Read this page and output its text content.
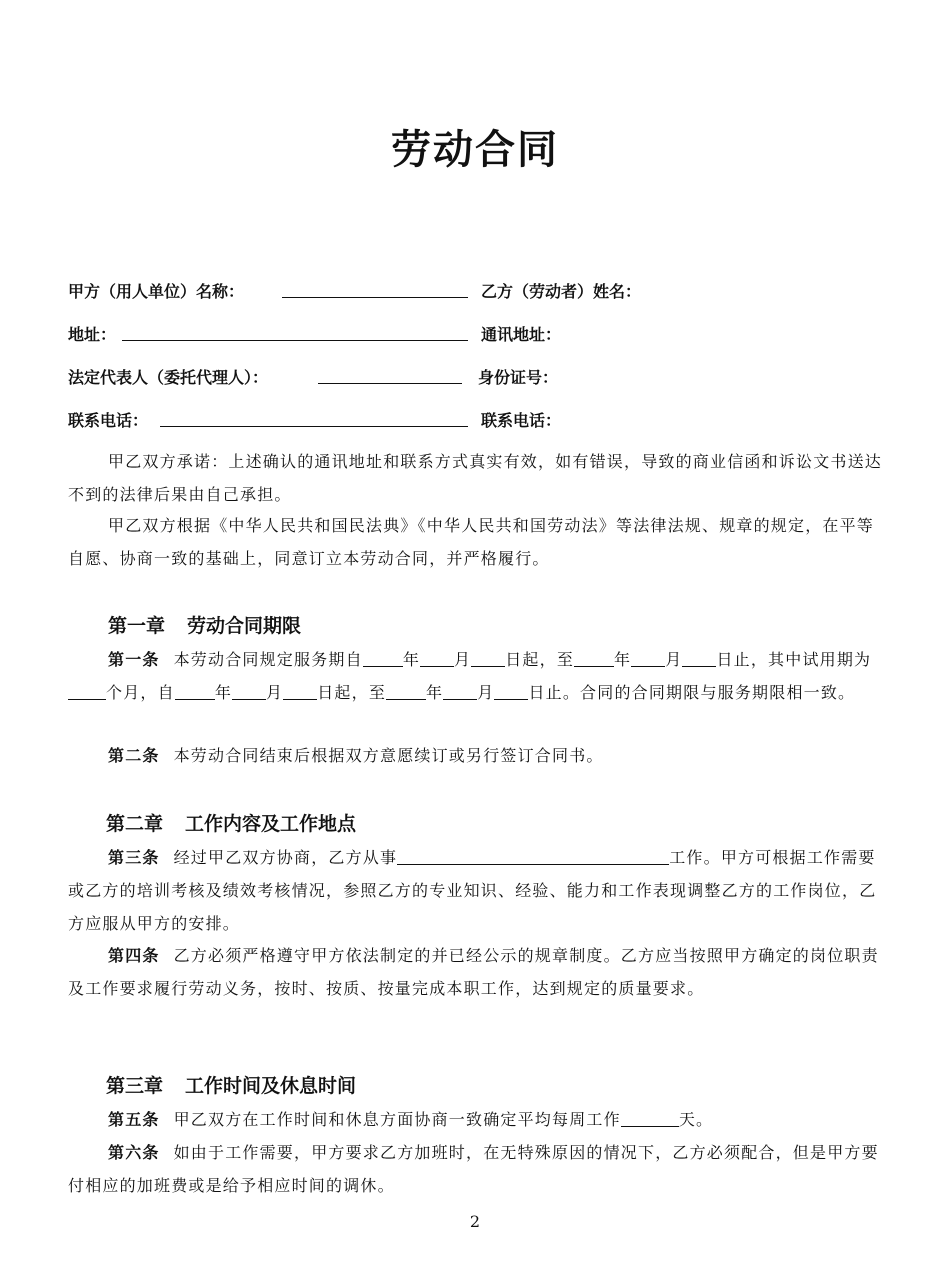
劳动合同
甲方（用人单位）名称：	乙方（劳动者）姓名：
地址：	通讯地址：
法定代表人（委托代理人）：	身份证号：
联系电话：	联系电话：

甲乙双方承诺：上述确认的通讯地址和联系方式真实有效，如有错误，导致的商业信函和诉讼文书送达不到的法律后果由自己承担。

甲乙双方根据《中华人民共和国民法典》《中华人民共和国劳动法》等法律法规、规章的规定，在平等自愿、协商一致的基础上，同意订立本劳动合同，并严格履行。

第一章 劳动合同期限

第一条 本劳动合同规定服务期自	年 月 日起，至	年 月 日止，其中试用期为个月，自	年 月 日起，至	年 月 日止。合同的合同期限与服务期限相一致。

第二条 本劳动合同结束后根据双方意愿续订或另行签订合同书。

第二章 工作内容及工作地点

第三条 经过甲乙双方协商，乙方从事	工作。甲方可根据工作需要或乙方的培训考核及绩效考核情况，参照乙方的专业知识、经验、能力和工作表现调整乙方的工作岗位，乙方应服从甲方的安排。

第四条 乙方必须严格遵守甲方依法制定的并已经公示的规章制度。乙方应当按照甲方确定的岗位职责及工作要求履行劳动义务，按时、按质、按量完成本职工作，达到规定的质量要求。

第三章 工作时间及休息时间

第五条 甲乙双方在工作时间和休息方面协商一致确定平均每周工作	天。

第六条 如由于工作需要，甲方要求乙方加班时，在无特殊原因的情况下，乙方必须配合，但是甲方要付相应的加班费或是给予相应时间的调休。

2
